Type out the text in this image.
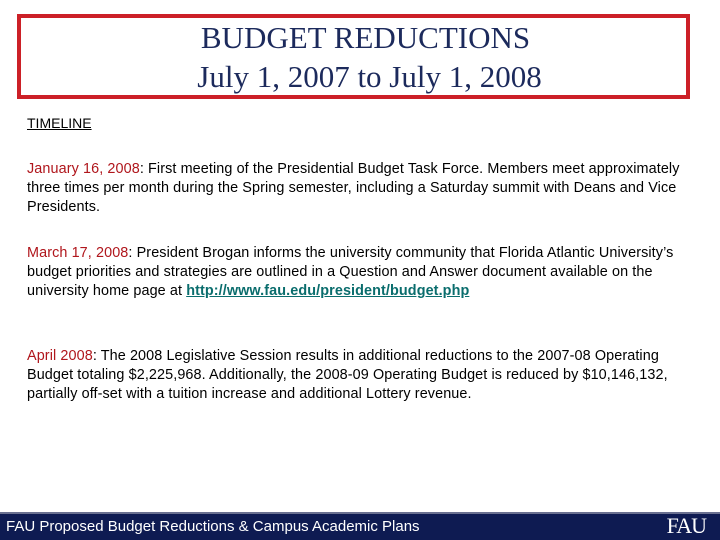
BUDGET REDUCTIONS
July 1, 2007 to July 1, 2008
TIMELINE
January 16, 2008: First meeting of the Presidential Budget Task Force. Members meet approximately three times per month during the Spring semester, including a Saturday summit with Deans and Vice Presidents.
March 17, 2008: President Brogan informs the university community that Florida Atlantic University’s budget priorities and strategies are outlined in a Question and Answer document available on the university home page at http://www.fau.edu/president/budget.php
April 2008: The 2008 Legislative Session results in additional reductions to the 2007-08 Operating Budget totaling $2,225,968. Additionally, the 2008-09 Operating Budget is reduced by $10,146,132, partially off-set with a tuition increase and additional Lottery revenue.
FAU Proposed Budget Reductions & Campus Academic Plans	FAU
